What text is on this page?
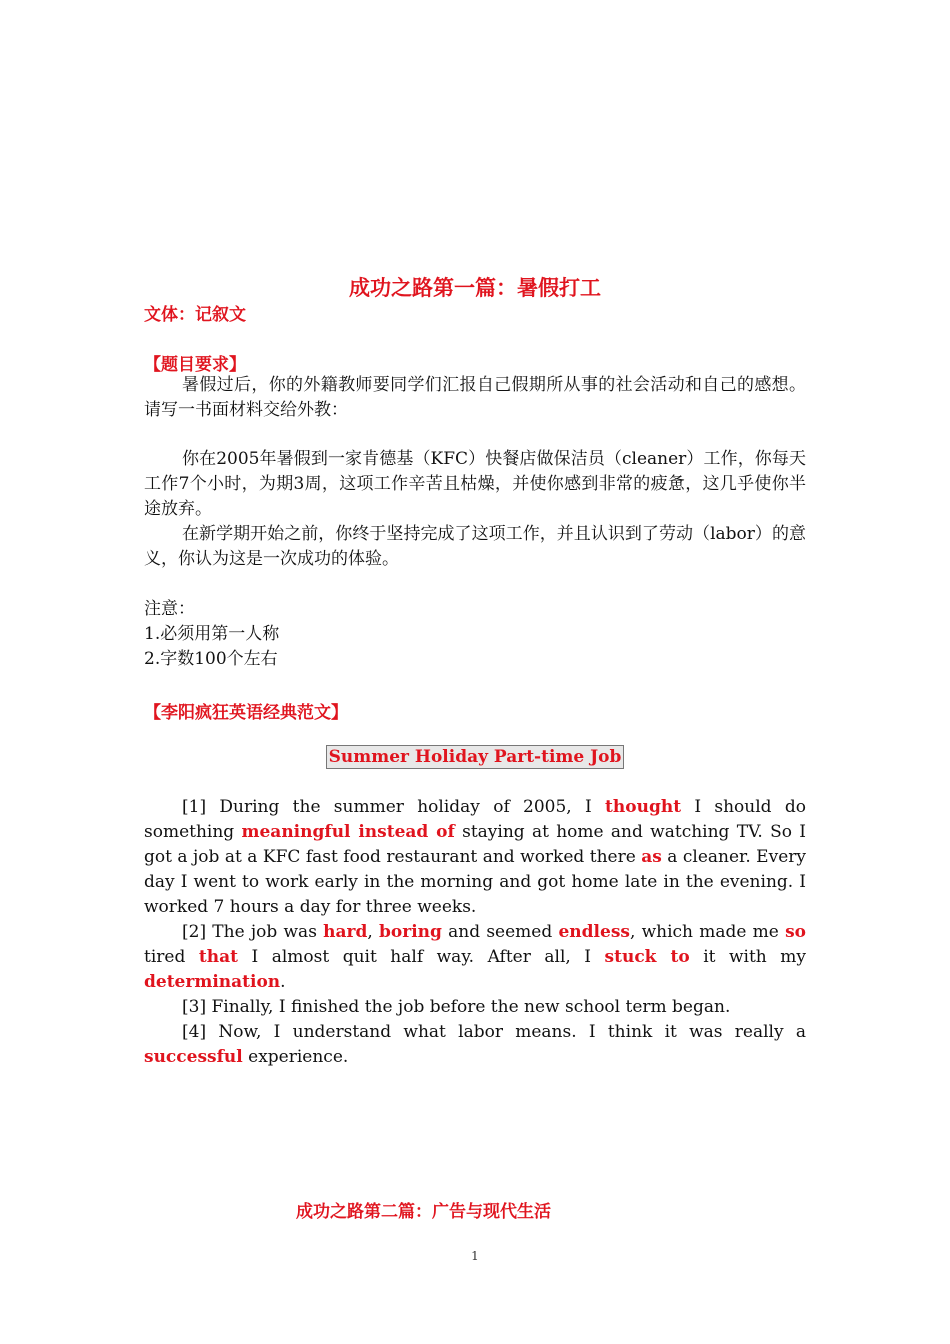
成功之路第一篇：暑假打工
文体：记叙文
【题目要求】

暑假过后，你的外籍教师要同学们汇报自己假期所从事的社会活动和自己的感想。请写一书面材料交给外教：

你在2005年暑假到一家肯德基（KFC）快餐店做保洁员（cleaner）工作，你每天工作7个小时，为期3周，这项工作辛苦且枯燥，并使你感到非常的疲惫，这几乎使你半途放弃。

在新学期开始之前，你终于坚持完成了这项工作，并且认识到了劳动（labor）的意义，你认为这是一次成功的体验。

注意：

1.必须用第一人称

2.字数100个左右

【李阳疯狂英语经典范文】
Summer Holiday Part-time Job

[1] During the summer holiday of 2005, I thought I should do something meaningful instead of staying at home and watching TV. So I got a job at a KFC fast food restaurant and worked there as a cleaner. Every day I went to work early in the morning and got home late in the evening. I worked 7 hours a day for three weeks.

[2] The job was hard, boring and seemed endless, which made me so tired that I almost quit half way. After all, I stuck to it with my determination.

[3] Finally, I finished the job before the new school term began.

[4] Now, I understand what labor means. I think it was really a successful experience.

成功之路第二篇：广告与现代生活
1
